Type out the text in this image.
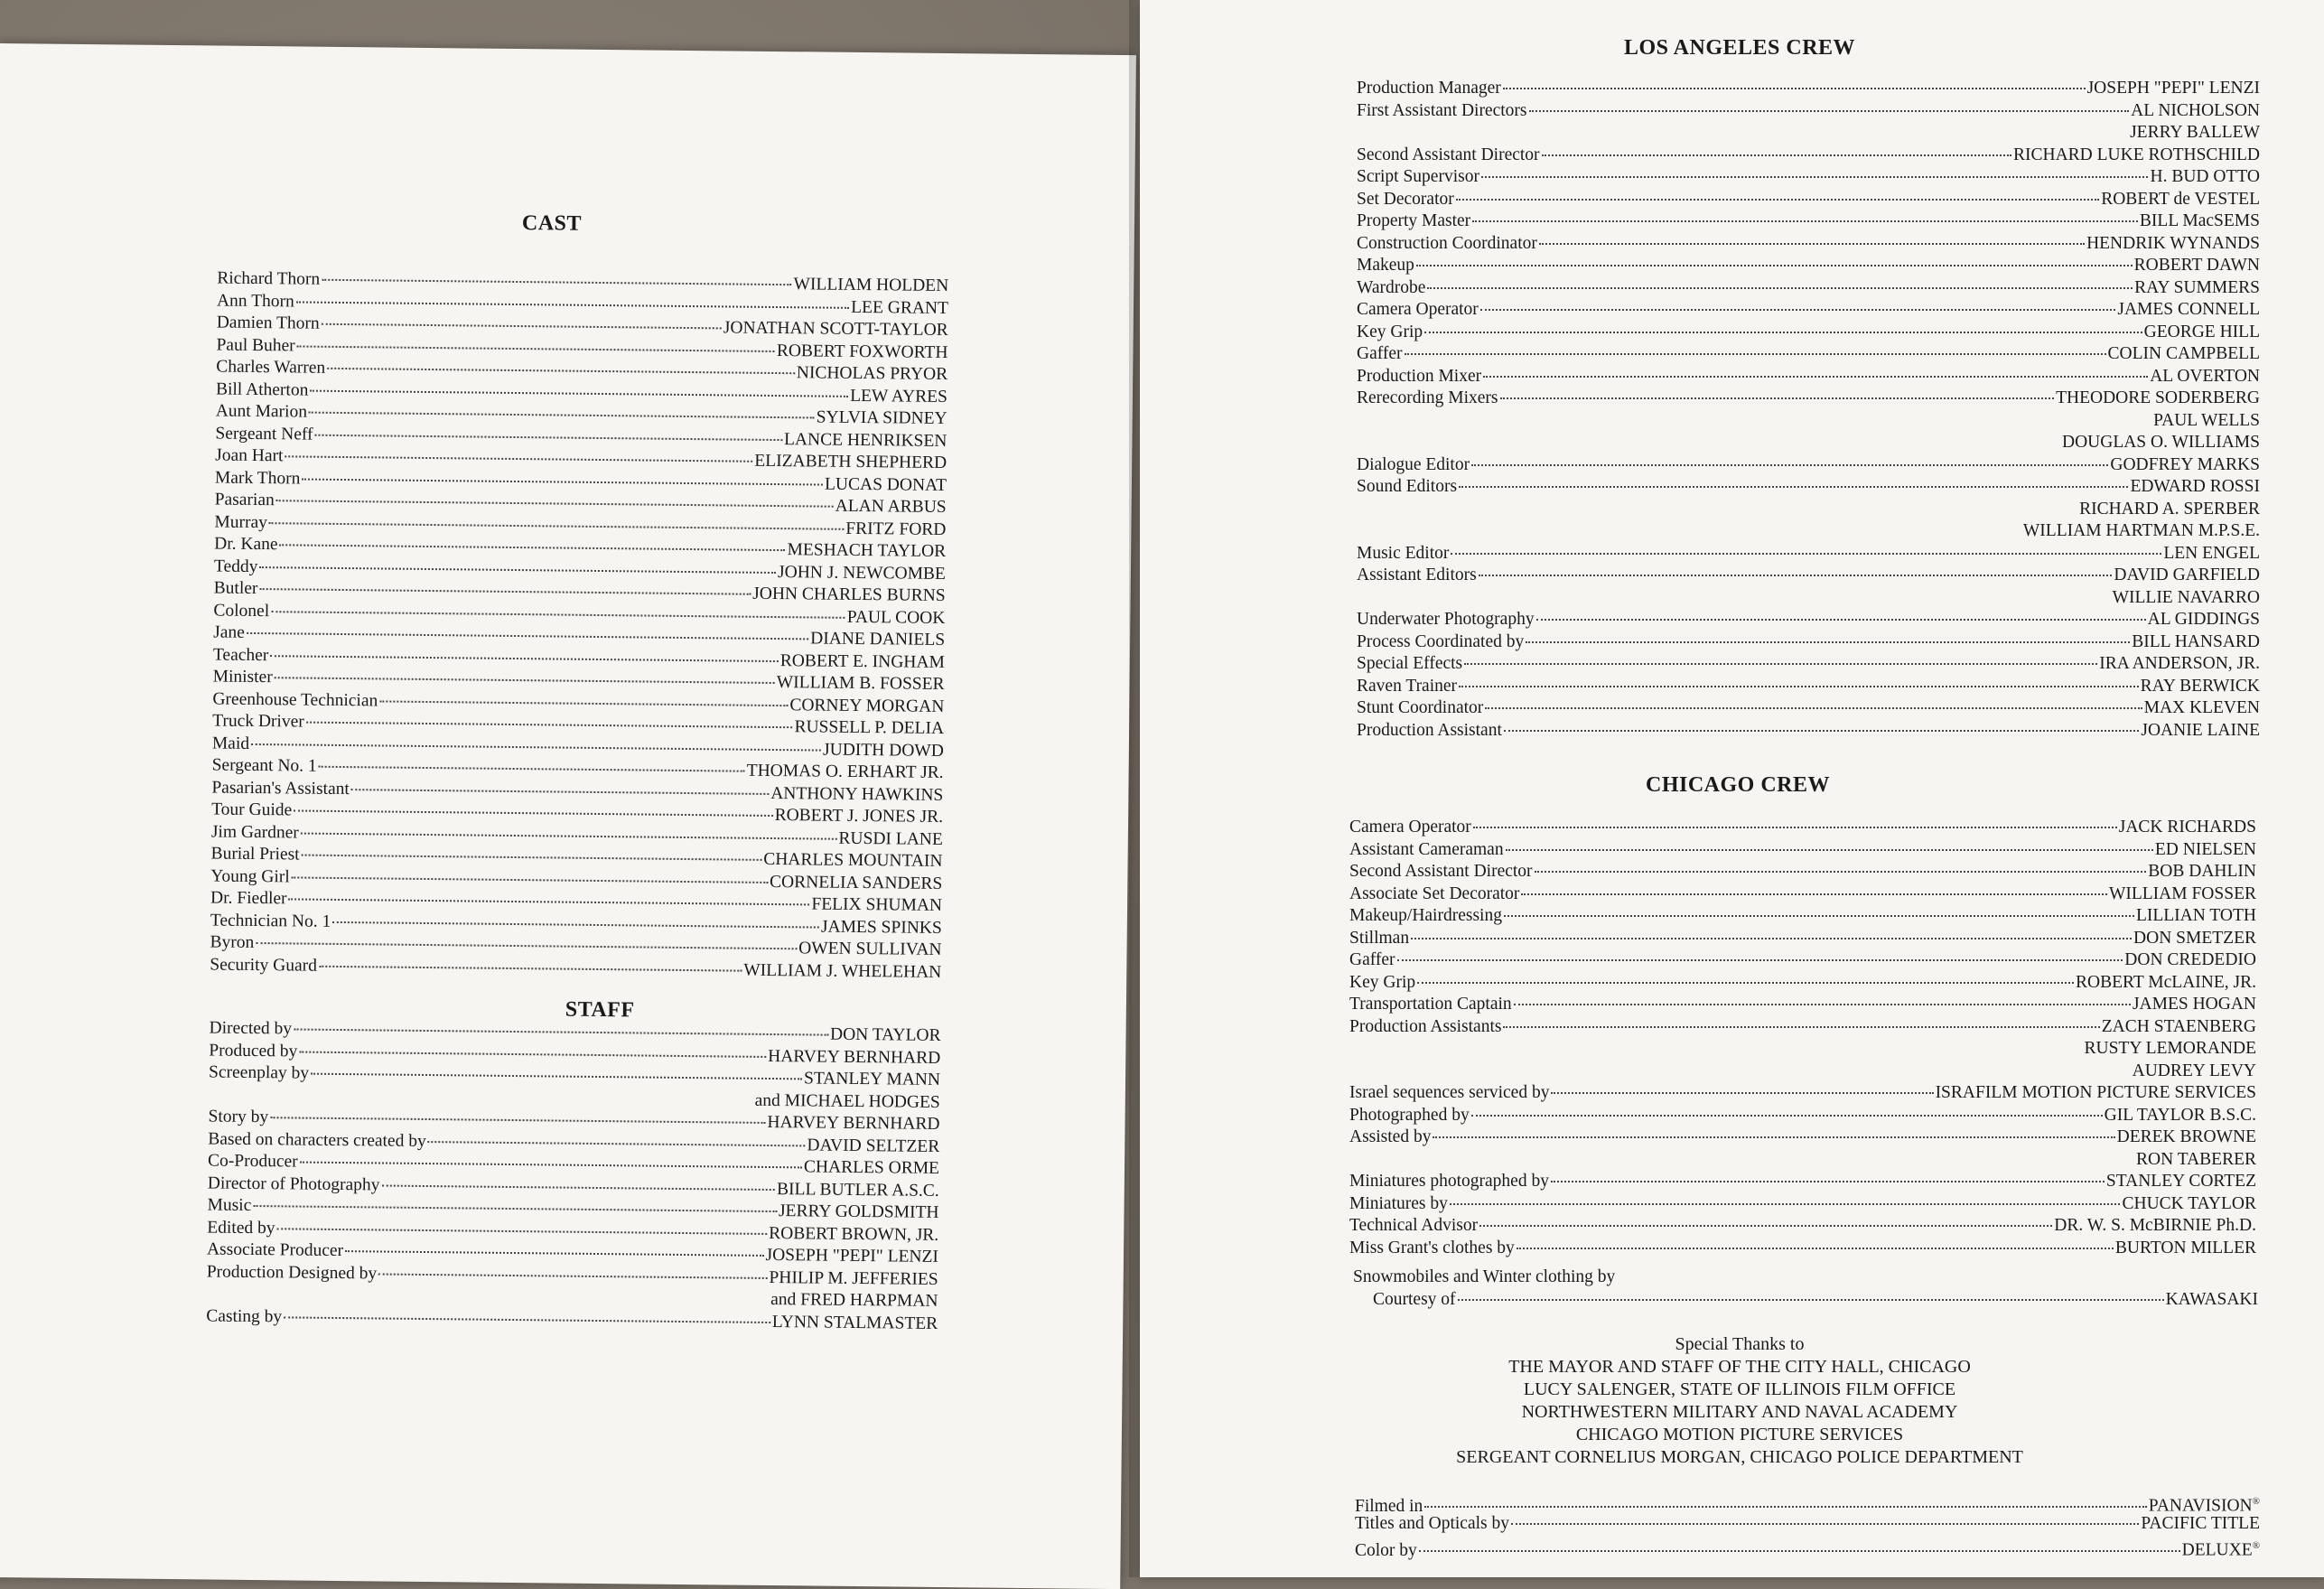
CAST
Richard Thorn	WILLIAM HOLDEN
Ann Thorn	LEE GRANT
Damien Thorn	JONATHAN SCOTT-TAYLOR
Paul Buher	ROBERT FOXWORTH
Charles Warren	NICHOLAS PRYOR
Bill Atherton	LEW AYRES
Aunt Marion	SYLVIA SIDNEY
Sergeant Neff	LANCE HENRIKSEN
Joan Hart	ELIZABETH SHEPHERD
Mark Thorn	LUCAS DONAT
Pasarian	ALAN ARBUS
Murray	FRITZ FORD
Dr. Kane	MESHACH TAYLOR
Teddy	JOHN J. NEWCOMBE
Butler	JOHN CHARLES BURNS
Colonel	PAUL COOK
Jane	DIANE DANIELS
Teacher	ROBERT E. INGHAM
Minister	WILLIAM B. FOSSER
Greenhouse Technician	CORNEY MORGAN
Truck Driver	RUSSELL P. DELIA
Maid	JUDITH DOWD
Sergeant No. 1	THOMAS O. ERHART JR.
Pasarian's Assistant	ANTHONY HAWKINS
Tour Guide	ROBERT J. JONES JR.
Jim Gardner	RUSDI LANE
Burial Priest	CHARLES MOUNTAIN
Young Girl	CORNELIA SANDERS
Dr. Fiedler	FELIX SHUMAN
Technician No. 1	JAMES SPINKS
Byron	OWEN SULLIVAN
Security Guard	WILLIAM J. WHELEHAN
STAFF
Directed by	DON TAYLOR
Produced by	HARVEY BERNHARD
Screenplay by	STANLEY MANN
and MICHAEL HODGES
Story by	HARVEY BERNHARD
Based on characters created by	DAVID SELTZER
Co-Producer	CHARLES ORME
Director of Photography	BILL BUTLER A.S.C.
Music	JERRY GOLDSMITH
Edited by	ROBERT BROWN, JR.
Associate Producer	JOSEPH "PEPI" LENZI
Production Designed by	PHILIP M. JEFFERIES
and FRED HARPMAN
Casting by	LYNN STALMASTER
LOS ANGELES CREW
Production Manager	JOSEPH "PEPI" LENZI
First Assistant Directors	AL NICHOLSON
JERRY BALLEW
Second Assistant Director	RICHARD LUKE ROTHSCHILD
Script Supervisor	H. BUD OTTO
Set Decorator	ROBERT de VESTEL
Property Master	BILL MacSEMS
Construction Coordinator	HENDRIK WYNANDS
Makeup	ROBERT DAWN
Wardrobe	RAY SUMMERS
Camera Operator	JAMES CONNELL
Key Grip	GEORGE HILL
Gaffer	COLIN CAMPBELL
Production Mixer	AL OVERTON
Rerecording Mixers	THEODORE SODERBERG
PAUL WELLS
DOUGLAS O. WILLIAMS
Dialogue Editor	GODFREY MARKS
Sound Editors	EDWARD ROSSI
RICHARD A. SPERBER
WILLIAM HARTMAN M.P.S.E.
Music Editor	LEN ENGEL
Assistant Editors	DAVID GARFIELD
WILLIE NAVARRO
Underwater Photography	AL GIDDINGS
Process Coordinated by	BILL HANSARD
Special Effects	IRA ANDERSON, JR.
Raven Trainer	RAY BERWICK
Stunt Coordinator	MAX KLEVEN
Production Assistant	JOANIE LAINE
CHICAGO CREW
Camera Operator	JACK RICHARDS
Assistant Cameraman	ED NIELSEN
Second Assistant Director	BOB DAHLIN
Associate Set Decorator	WILLIAM FOSSER
Makeup/Hairdressing	LILLIAN TOTH
Stillman	DON SMETZER
Gaffer	DON CREDEDIO
Key Grip	ROBERT McLAINE, JR.
Transportation Captain	JAMES HOGAN
Production Assistants	ZACH STAENBERG
RUSTY LEMORANDE
AUDREY LEVY
Israel sequences serviced by	ISRAFILM MOTION PICTURE SERVICES
Photographed by	GIL TAYLOR B.S.C.
Assisted by	DEREK BROWNE
RON TABERER
Miniatures photographed by	STANLEY CORTEZ
Miniatures by	CHUCK TAYLOR
Technical Advisor	DR. W. S. McBIRNIE Ph.D.
Miss Grant's clothes by	BURTON MILLER
Snowmobiles and Winter clothing by
Courtesy of	KAWASAKI
Special Thanks to
THE MAYOR AND STAFF OF THE CITY HALL, CHICAGO
LUCY SALENGER, STATE OF ILLINOIS FILM OFFICE
NORTHWESTERN MILITARY AND NAVAL ACADEMY
CHICAGO MOTION PICTURE SERVICES
SERGEANT CORNELIUS MORGAN, CHICAGO POLICE DEPARTMENT
Filmed in	PANAVISION®
Titles and Opticals by	PACIFIC TITLE
Color by	DELUXE®
